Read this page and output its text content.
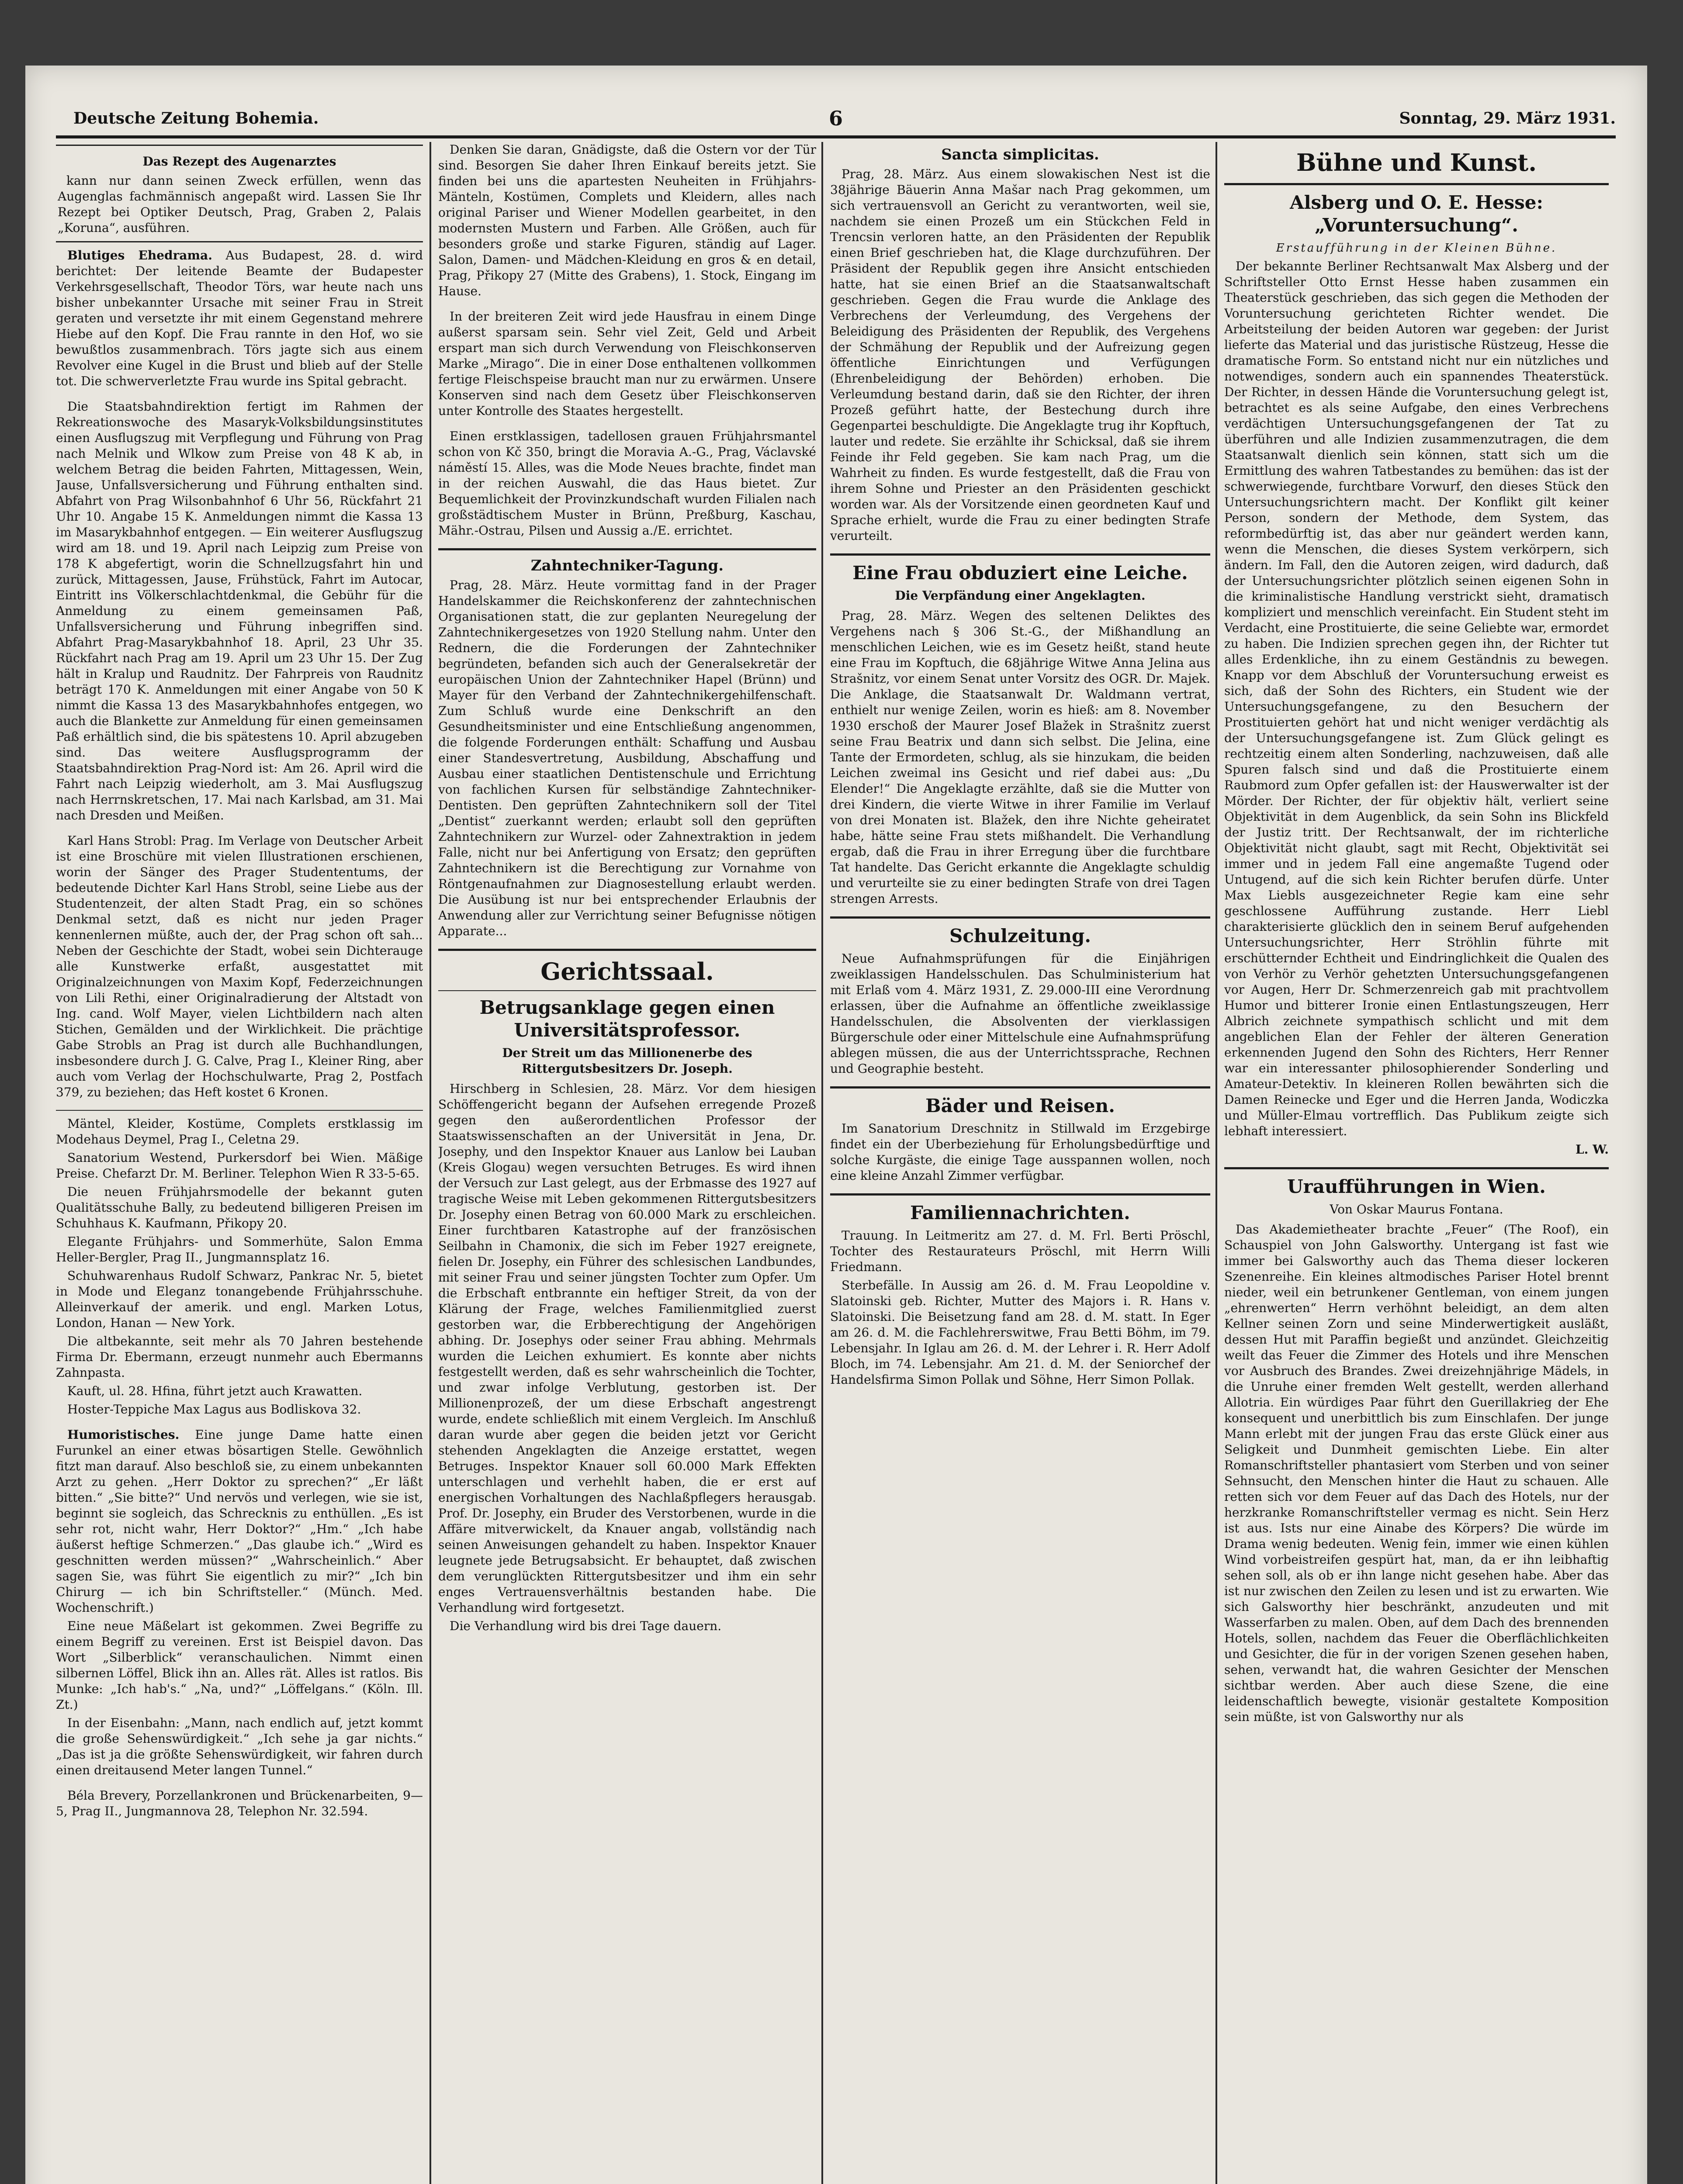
Deutsche Zeitung Bohemia.	6	Sonntag, 29. März 1931.
Das Rezept des Augenarztes

kann nur dann seinen Zweck erfüllen, wenn das Augenglas fachmännisch angepaßt wird. Lassen Sie Ihr Rezept bei Optiker Deutsch, Prag, Graben 2, Palais „Koruna“, ausführen.

Blutiges Ehedrama. Aus Budapest, 28. d. wird berichtet: Der leitende Beamte der Budapester Verkehrsgesellschaft, Theodor Törs, war heute nach uns bisher unbekannter Ursache mit seiner Frau in Streit geraten und versetzte ihr mit einem Gegenstand mehrere Hiebe auf den Kopf. Die Frau rannte in den Hof, wo sie bewußtlos zusammenbrach. Törs jagte sich aus einem Revolver eine Kugel in die Brust und blieb auf der Stelle tot. Die schwerverletzte Frau wurde ins Spital gebracht.

Die Staatsbahndirektion fertigt im Rahmen der Rekreationswoche des Masaryk-Volksbildungsinstitutes einen Ausflugszug mit Verpflegung und Führung von Prag nach Melnik und Wlkow zum Preise von 48 K ab, in welchem Betrag die beiden Fahrten, Mittagessen, Wein, Jause, Unfallsversicherung und Führung enthalten sind. Abfahrt von Prag Wilsonbahnhof 6 Uhr 56, Rückfahrt 21 Uhr 10. Angabe 15 K. Anmeldungen nimmt die Kassa 13 im Masarykbahnhof entgegen. — Ein weiterer Ausflugszug wird am 18. und 19. April nach Leipzig zum Preise von 178 K abgefertigt, worin die Schnellzugsfahrt hin und zurück, Mittagessen, Jause, Frühstück, Fahrt im Autocar, Eintritt ins Völkerschlachtdenkmal, die Gebühr für die Anmeldung zu einem gemeinsamen Paß, Unfallsversicherung und Führung inbegriffen sind. Abfahrt Prag-Masarykbahnhof 18. April, 23 Uhr 35. Rückfahrt nach Prag am 19. April um 23 Uhr 15. Der Zug hält in Kralup und Raudnitz. Der Fahrpreis von Raudnitz beträgt 170 K. Anmeldungen mit einer Angabe von 50 K nimmt die Kassa 13 des Masarykbahnhofes entgegen, wo auch die Blankette zur Anmeldung für einen gemeinsamen Paß erhältlich sind, die bis spätestens 10. April abzugeben sind. Das weitere Ausflugsprogramm der Staatsbahndirektion Prag-Nord ist: Am 26. April wird die Fahrt nach Leipzig wiederholt, am 3. Mai Ausflugszug nach Herrnskretschen, 17. Mai nach Karlsbad, am 31. Mai nach Dresden und Meißen.

Karl Hans Strobl: Prag. Im Verlage von Deutscher Arbeit ist eine Broschüre mit vielen Illustrationen erschienen, worin der Sänger des Prager Studententums, der bedeutende Dichter Karl Hans Strobl, seine Liebe aus der Studentenzeit, der alten Stadt Prag, ein so schönes Denkmal setzt, daß es nicht nur jeden Prager kennenlernen müßte, auch der, der Prag schon oft sah... Neben der Geschichte der Stadt, wobei sein Dichterauge alle Kunstwerke erfaßt, ausgestattet mit Originalzeichnungen von Maxim Kopf, Federzeichnungen von Lili Rethi, einer Originalradierung der Altstadt von Ing. cand. Wolf Mayer, vielen Lichtbildern nach alten Stichen, Gemälden und der Wirklichkeit. Die prächtige Gabe Strobls an Prag ist durch alle Buchhandlungen, insbesondere durch J. G. Calve, Prag I., Kleiner Ring, aber auch vom Verlag der Hochschulwarte, Prag 2, Postfach 379, zu beziehen; das Heft kostet 6 Kronen.

Mäntel, Kleider, Kostüme, Complets erstklassig im Modehaus Deymel, Prag I., Celetna 29.

Sanatorium Westend, Purkersdorf bei Wien. Mäßige Preise. Chefarzt Dr. M. Berliner. Telephon Wien R 33-5-65.

Die neuen Frühjahrsmodelle der bekannt guten Qualitätsschuhe Bally, zu bedeutend billigeren Preisen im Schuhhaus K. Kaufmann, Přikopy 20.

Elegante Frühjahrs- und Sommerhüte, Salon Emma Heller-Bergler, Prag II., Jungmannsplatz 16.

Schuhwarenhaus Rudolf Schwarz, Pankrac Nr. 5, bietet in Mode und Eleganz tonangebende Frühjahrsschuhe. Alleinverkauf der amerik. und engl. Marken Lotus, London, Hanan — New York.

Die altbekannte, seit mehr als 70 Jahren bestehende Firma Dr. Ebermann, erzeugt nunmehr auch Ebermanns Zahnpasta.

Kauft, ul. 28. Hfina, führt jetzt auch Krawatten.

Hoster-Teppiche Max Lagus aus Bodliskova 32.

Humoristisches. Eine junge Dame hatte einen Furunkel an einer etwas bösartigen Stelle. Gewöhnlich fitzt man darauf. Also beschloß sie, zu einem unbekannten Arzt zu gehen. „Herr Doktor zu sprechen?“ „Er läßt bitten.“ „Sie bitte?“ Und nervös und verlegen, wie sie ist, beginnt sie sogleich, das Schrecknis zu enthüllen. „Es ist sehr rot, nicht wahr, Herr Doktor?“ „Hm.“ „Ich habe äußerst heftige Schmerzen.“ „Das glaube ich.“ „Wird es geschnitten werden müssen?“ „Wahrscheinlich.“ Aber sagen Sie, was führt Sie eigentlich zu mir?“ „Ich bin Chirurg — ich bin Schriftsteller.“ (Münch. Med. Wochenschrift.)

Eine neue Mäßelart ist gekommen. Zwei Begriffe zu einem Begriff zu vereinen. Erst ist Beispiel davon. Das Wort „Silberblick“ veranschaulichen. Nimmt einen silbernen Löffel, Blick ihn an. Alles rät. Alles ist ratlos. Bis Munke: „Ich hab's.“ „Na, und?“ „Löffelgans.“ (Köln. Ill. Zt.)

In der Eisenbahn: „Mann, nach endlich auf, jetzt kommt die große Sehenswürdigkeit.“ „Ich sehe ja gar nichts.“ „Das ist ja die größte Sehenswürdigkeit, wir fahren durch einen dreitausend Meter langen Tunnel.“

Béla Brevery, Porzellankronen und Brückenarbeiten, 9—5, Prag II., Jungmannova 28, Telephon Nr. 32.594.

Denken Sie daran, Gnädigste, daß die Ostern vor der Tür sind. Besorgen Sie daher Ihren Einkauf bereits jetzt. Sie finden bei uns die apartesten Neuheiten in Frühjahrs-Mänteln, Kostümen, Complets und Kleidern, alles nach original Pariser und Wiener Modellen gearbeitet, in den modernsten Mustern und Farben. Alle Größen, auch für besonders große und starke Figuren, ständig auf Lager. Salon, Damen- und Mädchen-Kleidung en gros & en detail, Prag, Přikopy 27 (Mitte des Grabens), 1. Stock, Eingang im Hause.

In der breiteren Zeit wird jede Hausfrau in einem Dinge außerst sparsam sein. Sehr viel Zeit, Geld und Arbeit erspart man sich durch Verwendung von Fleischkonserven Marke „Mirago“. Die in einer Dose enthaltenen vollkommen fertige Fleischspeise braucht man nur zu erwärmen. Unsere Konserven sind nach dem Gesetz über Fleischkonserven unter Kontrolle des Staates hergestellt.

Einen erstklassigen, tadellosen grauen Frühjahrsmantel schon von Kč 350, bringt die Moravia A.-G., Prag, Václavské náměstí 15. Alles, was die Mode Neues brachte, findet man in der reichen Auswahl, die das Haus bietet. Zur Bequemlichkeit der Provinzkundschaft wurden Filialen nach großstädtischem Muster in Brünn, Preßburg, Kaschau, Mähr.-Ostrau, Pilsen und Aussig a./E. errichtet.

Zahntechniker-Tagung.

Prag, 28. März. Heute vormittag fand in der Prager Handelskammer die Reichskonferenz der zahntechnischen Organisationen statt, die zur geplanten Neuregelung der Zahntechnikergesetzes von 1920 Stellung nahm. Unter den Rednern, die die Forderungen der Zahntechniker begründeten, befanden sich auch der Generalsekretär der europäischen Union der Zahntechniker Hapel (Brünn) und Mayer für den Verband der Zahntechnikergehilfenschaft. Zum Schluß wurde eine Denkschrift an den Gesundheitsminister und eine Entschließung angenommen, die folgende Forderungen enthält: Schaffung und Ausbau einer Standesvertretung, Ausbildung, Abschaffung und Ausbau einer staatlichen Dentistenschule und Errichtung von fachlichen Kursen für selbständige Zahntechniker-Dentisten. Den geprüften Zahntechnikern soll der Titel „Dentist“ zuerkannt werden; erlaubt soll den geprüften Zahntechnikern zur Wurzel- oder Zahnextraktion in jedem Falle, nicht nur bei Anfertigung von Ersatz; den geprüften Zahntechnikern ist die Berechtigung zur Vornahme von Röntgenaufnahmen zur Diagnosestellung erlaubt werden. Die Ausübung ist nur bei entsprechender Erlaubnis der Anwendung aller zur Verrichtung seiner Befugnisse nötigen Apparate...

Gerichtssaal.
Betrugsanklage gegen einen Universitätsprofessor.
Der Streit um das Millionenerbe des Rittergutsbesitzers Dr. Joseph.

Hirschberg in Schlesien, 28. März. Vor dem hiesigen Schöffengericht begann der Aufsehen erregende Prozeß gegen den außerordentlichen Professor der Staatswissenschaften an der Universität in Jena, Dr. Josephy, und den Inspektor Knauer aus Lanlow bei Lauban (Kreis Glogau) wegen versuchten Betruges. Es wird ihnen der Versuch zur Last gelegt, aus der Erbmasse des 1927 auf tragische Weise mit Leben gekommenen Rittergutsbesitzers Dr. Josephy einen Betrag von 60.000 Mark zu erschleichen. Einer furchtbaren Katastrophe auf der französischen Seilbahn in Chamonix, die sich im Feber 1927 ereignete, fielen Dr. Josephy, ein Führer des schlesischen Landbundes, mit seiner Frau und seiner jüngsten Tochter zum Opfer. Um die Erbschaft entbrannte ein heftiger Streit, da von der Klärung der Frage, welches Familienmitglied zuerst gestorben war, die Erbberechtigung der Angehörigen abhing. Dr. Josephys oder seiner Frau abhing. Mehrmals wurden die Leichen exhumiert. Es konnte aber nichts festgestellt werden, daß es sehr wahrscheinlich die Tochter, und zwar infolge Verblutung, gestorben ist. Der Millionenprozeß, der um diese Erbschaft angestrengt wurde, endete schließlich mit einem Vergleich. Im Anschluß daran wurde aber gegen die beiden jetzt vor Gericht stehenden Angeklagten die Anzeige erstattet, wegen Betruges. Inspektor Knauer soll 60.000 Mark Effekten unterschlagen und verhehlt haben, die er erst auf energischen Vorhaltungen des Nachlaßpflegers herausgab. Prof. Dr. Josephy, ein Bruder des Verstorbenen, wurde in die Affäre mitverwickelt, da Knauer angab, vollständig nach seinen Anweisungen gehandelt zu haben. Inspektor Knauer leugnete jede Betrugsabsicht. Er behauptet, daß zwischen dem verunglückten Rittergutsbesitzer und ihm ein sehr enges Vertrauensverhältnis bestanden habe. Die Verhandlung wird fortgesetzt.

Die Verhandlung wird bis drei Tage dauern.

Sancta simplicitas.

Prag, 28. März. Aus einem slowakischen Nest ist die 38jährige Bäuerin Anna Mašar nach Prag gekommen, um sich vertrauensvoll an Gericht zu verantworten, weil sie, nachdem sie einen Prozeß um ein Stückchen Feld in Trencsin verloren hatte, an den Präsidenten der Republik einen Brief geschrieben hat, die Klage durchzuführen. Der Präsident der Republik gegen ihre Ansicht entschieden hatte, hat sie einen Brief an die Staatsanwaltschaft geschrieben. Gegen die Frau wurde die Anklage des Verbrechens der Verleumdung, des Vergehens der Beleidigung des Präsidenten der Republik, des Vergehens der Schmähung der Republik und der Aufreizung gegen öffentliche Einrichtungen und Verfügungen (Ehrenbeleidigung der Behörden) erhoben. Die Verleumdung bestand darin, daß sie den Richter, der ihren Prozeß geführt hatte, der Bestechung durch ihre Gegenpartei beschuldigte. Die Angeklagte trug ihr Kopftuch, lauter und redete. Sie erzählte ihr Schicksal, daß sie ihrem Feinde ihr Feld gegeben. Sie kam nach Prag, um die Wahrheit zu finden. Es wurde festgestellt, daß die Frau von ihrem Sohne und Priester an den Präsidenten geschickt worden war. Als der Vorsitzende einen geordneten Kauf und Sprache erhielt, wurde die Frau zu einer bedingten Strafe verurteilt.

Eine Frau obduziert eine Leiche.
Die Verpfändung einer Angeklagten.

Prag, 28. März. Wegen des seltenen Deliktes des Vergehens nach § 306 St.-G., der Mißhandlung an menschlichen Leichen, wie es im Gesetz heißt, stand heute eine Frau im Kopftuch, die 68jährige Witwe Anna Jelina aus Strašnitz, vor einem Senat unter Vorsitz des OGR. Dr. Majek. Die Anklage, die Staatsanwalt Dr. Waldmann vertrat, enthielt nur wenige Zeilen, worin es hieß: am 8. November 1930 erschoß der Maurer Josef Blažek in Strašnitz zuerst seine Frau Beatrix und dann sich selbst. Die Jelina, eine Tante der Ermordeten, schlug, als sie hinzukam, die beiden Leichen zweimal ins Gesicht und rief dabei aus: „Du Elender!“ Die Angeklagte erzählte, daß sie die Mutter von drei Kindern, die vierte Witwe in ihrer Familie im Verlauf von drei Monaten ist. Blažek, den ihre Nichte geheiratet habe, hätte seine Frau stets mißhandelt. Die Verhandlung ergab, daß die Frau in ihrer Erregung über die furchtbare Tat handelte. Das Gericht erkannte die Angeklagte schuldig und verurteilte sie zu einer bedingten Strafe von drei Tagen strengen Arrests.

Schulzeitung.

Neue Aufnahmsprüfungen für die Einjährigen zweiklassigen Handelsschulen. Das Schulministerium hat mit Erlaß vom 4. März 1931, Z. 29.000-III eine Verordnung erlassen, über die Aufnahme an öffentliche zweiklassige Handelsschulen, die Absolventen der vierklassigen Bürgerschule oder einer Mittelschule eine Aufnahmsprüfung ablegen müssen, die aus der Unterrichtssprache, Rechnen und Geographie besteht.

Bäder und Reisen.

Im Sanatorium Dreschnitz in Stillwald im Erzgebirge findet ein der Uberbeziehung für Erholungsbedürftige und solche Kurgäste, die einige Tage ausspannen wollen, noch eine kleine Anzahl Zimmer verfügbar.

Familiennachrichten.

Trauung. In Leitmeritz am 27. d. M. Frl. Berti Pröschl, Tochter des Restaurateurs Pröschl, mit Herrn Willi Friedmann.

Sterbefälle. In Aussig am 26. d. M. Frau Leopoldine v. Slatoinski geb. Richter, Mutter des Majors i. R. Hans v. Slatoinski. Die Beisetzung fand am 28. d. M. statt. In Eger am 26. d. M. die Fachlehrerswitwe, Frau Betti Böhm, im 79. Lebensjahr. In Iglau am 26. d. M. der Lehrer i. R. Herr Adolf Bloch, im 74. Lebensjahr. Am 21. d. M. der Seniorchef der Handelsfirma Simon Pollak und Söhne, Herr Simon Pollak.

Bühne und Kunst.
Alsberg und O. E. Hesse: „Voruntersuchung“.
Erstaufführung in der Kleinen Bühne.

Der bekannte Berliner Rechtsanwalt Max Alsberg und der Schriftsteller Otto Ernst Hesse haben zusammen ein Theaterstück geschrieben, das sich gegen die Methoden der Voruntersuchung gerichteten Richter wendet. Die Arbeitsteilung der beiden Autoren war gegeben: der Jurist lieferte das Material und das juristische Rüstzeug, Hesse die dramatische Form. So entstand nicht nur ein nützliches und notwendiges, sondern auch ein spannendes Theaterstück. Der Richter, in dessen Hände die Voruntersuchung gelegt ist, betrachtet es als seine Aufgabe, den eines Verbrechens verdächtigen Untersuchungsgefangenen der Tat zu überführen und alle Indizien zusammenzutragen, die dem Staatsanwalt dienlich sein können, statt sich um die Ermittlung des wahren Tatbestandes zu bemühen: das ist der schwerwiegende, furchtbare Vorwurf, den dieses Stück den Untersuchungsrichtern macht. Der Konflikt gilt keiner Person, sondern der Methode, dem System, das reformbedürftig ist, das aber nur geändert werden kann, wenn die Menschen, die dieses System verkörpern, sich ändern. Im Fall, den die Autoren zeigen, wird dadurch, daß der Untersuchungsrichter plötzlich seinen eigenen Sohn in die kriminalistische Handlung verstrickt sieht, dramatisch kompliziert und menschlich vereinfacht. Ein Student steht im Verdacht, eine Prostituierte, die seine Geliebte war, ermordet zu haben. Die Indizien sprechen gegen ihn, der Richter tut alles Erdenkliche, ihn zu einem Geständnis zu bewegen. Knapp vor dem Abschluß der Voruntersuchung erweist es sich, daß der Sohn des Richters, ein Student wie der Untersuchungsgefangene, zu den Besuchern der Prostituierten gehört hat und nicht weniger verdächtig als der Untersuchungsgefangene ist. Zum Glück gelingt es rechtzeitig einem alten Sonderling, nachzuweisen, daß alle Spuren falsch sind und daß die Prostituierte einem Raubmord zum Opfer gefallen ist: der Hauswerwalter ist der Mörder. Der Richter, der für objektiv hält, verliert seine Objektivität in dem Augenblick, da sein Sohn ins Blickfeld der Justiz tritt. Der Rechtsanwalt, der im richterliche Objektivität nicht glaubt, sagt mit Recht, Objektivität sei immer und in jedem Fall eine angemaßte Tugend oder Untugend, auf die sich kein Richter berufen dürfe. Unter Max Liebls ausgezeichneter Regie kam eine sehr geschlossene Aufführung zustande. Herr Liebl charakterisierte glücklich den in seinem Beruf aufgehenden Untersuchungsrichter, Herr Ströhlin führte mit erschütternder Echtheit und Eindringlichkeit die Qualen des von Verhör zu Verhör gehetzten Untersuchungsgefangenen vor Augen, Herr Dr. Schmerzenreich gab mit prachtvollem Humor und bitterer Ironie einen Entlastungszeugen, Herr Albrich zeichnete sympathisch schlicht und mit dem angeblichen Elan der Fehler der älteren Generation erkennenden Jugend den Sohn des Richters, Herr Renner war ein interessanter philosophierender Sonderling und Amateur-Detektiv. In kleineren Rollen bewährten sich die Damen Reinecke und Eger und die Herren Janda, Wodiczka und Müller-Elmau vortrefflich. Das Publikum zeigte sich lebhaft interessiert.

L. W.
Uraufführungen in Wien.
Von Oskar Maurus Fontana.

Das Akademietheater brachte „Feuer“ (The Roof), ein Schauspiel von John Galsworthy. Untergang ist fast wie immer bei Galsworthy auch das Thema dieser lockeren Szenenreihe. Ein kleines altmodisches Pariser Hotel brennt nieder, weil ein betrunkener Gentleman, von einem jungen „ehrenwerten“ Herrn verhöhnt beleidigt, an dem alten Kellner seinen Zorn und seine Minderwertigkeit ausläßt, dessen Hut mit Paraffin begießt und anzündet. Gleichzeitig weilt das Feuer die Zimmer des Hotels und ihre Menschen vor Ausbruch des Brandes. Zwei dreizehnjährige Mädels, in die Unruhe einer fremden Welt gestellt, werden allerhand Allotria. Ein würdiges Paar führt den Guerillakrieg der Ehe konsequent und unerbittlich bis zum Einschlafen. Der junge Mann erlebt mit der jungen Frau das erste Glück einer aus Seligkeit und Dunmheit gemischten Liebe. Ein alter Romanschriftsteller phantasiert vom Sterben und von seiner Sehnsucht, den Menschen hinter die Haut zu schauen. Alle retten sich vor dem Feuer auf das Dach des Hotels, nur der herzkranke Romanschriftsteller vermag es nicht. Sein Herz ist aus. Ists nur eine Ainabe des Körpers? Die würde im Drama wenig bedeuten. Wenig fein, immer wie einen kühlen Wind vorbeistreifen gespürt hat, man, da er ihn leibhaftig sehen soll, als ob er ihn lange nicht gesehen habe. Aber das ist nur zwischen den Zeilen zu lesen und ist zu erwarten. Wie sich Galsworthy hier beschränkt, anzudeuten und mit Wasserfarben zu malen. Oben, auf dem Dach des brennenden Hotels, sollen, nachdem das Feuer die Oberflächlichkeiten und Gesichter, die für in der vorigen Szenen gesehen haben, sehen, verwandt hat, die wahren Gesichter der Menschen sichtbar werden. Aber auch diese Szene, die eine leidenschaftlich bewegte, visionär gestaltete Komposition sein müßte, ist von Galsworthy nur als
